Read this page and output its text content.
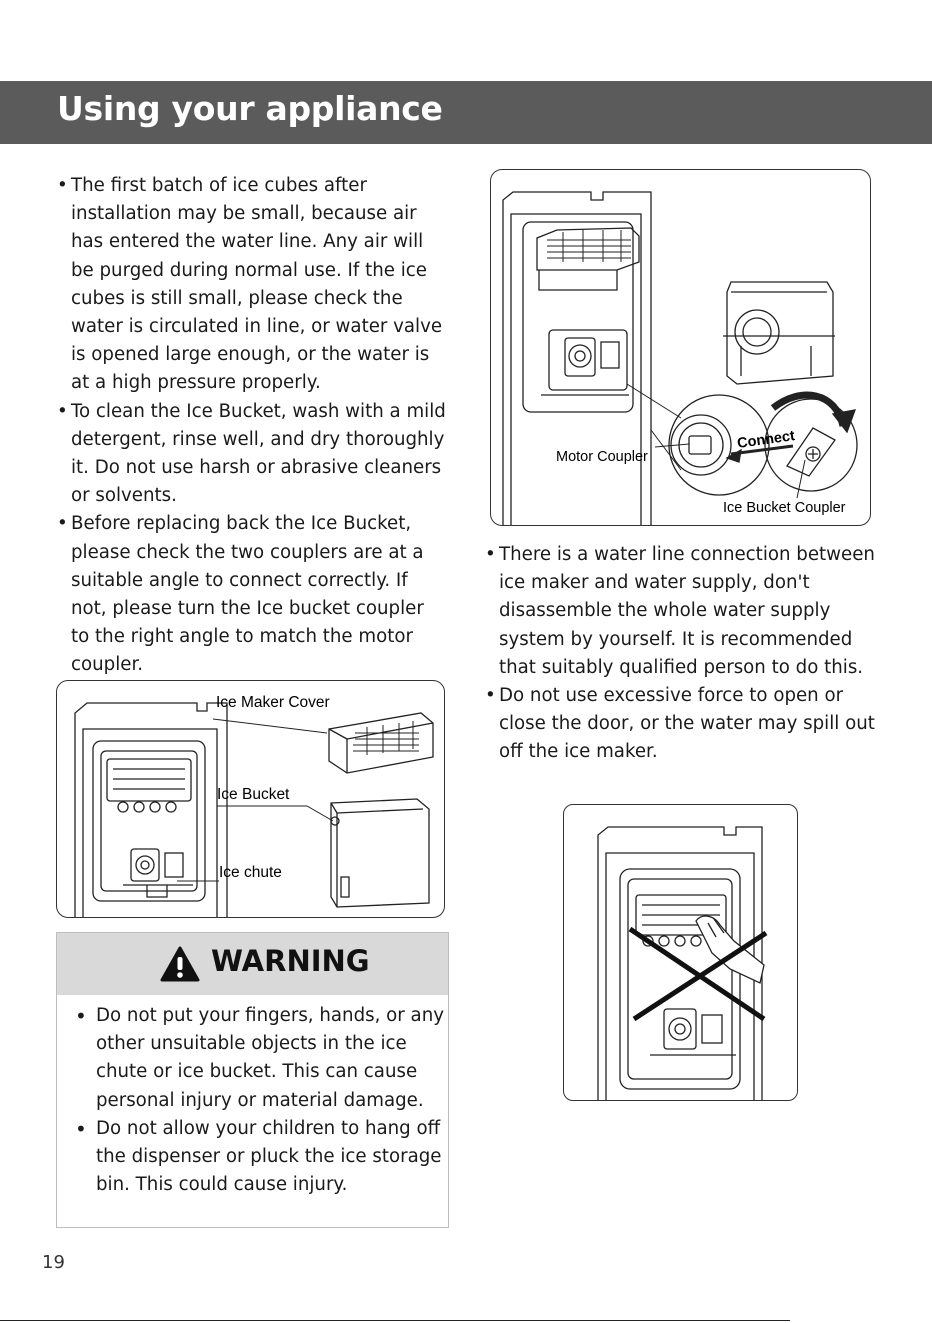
Using your appliance
• The first batch of ice cubes after installation may be small, because air has entered the water line. Any air will be purged during normal use. If the ice cubes is still small, please check the water is circulated in line, or water valve is opened large enough, or the water is at a high pressure properly.
• To clean the Ice Bucket, wash with a mild detergent, rinse well, and dry thoroughly it. Do not use harsh or abrasive cleaners or solvents.
• Before replacing back the Ice Bucket, please check the two couplers are at a suitable angle to connect correctly. If not, please turn the Ice bucket coupler to the right angle to match the motor coupler.
Ice Maker Cover
Ice Bucket
Ice chute
WARNING
• Do not put your fingers, hands, or any other unsuitable objects in the ice chute or ice bucket. This can cause personal injury or material damage.
• Do not allow your children to hang off the dispenser or pluck the ice storage bin. This could cause injury.
Motor Coupler
Connect
Ice Bucket Coupler
• There is a water line connection between ice maker and water supply, don't disassemble the whole water supply system by yourself. It is recommended that suitably qualified person to do this.
• Do not use excessive force to open or close the door, or the water may spill out off the ice maker.
19
